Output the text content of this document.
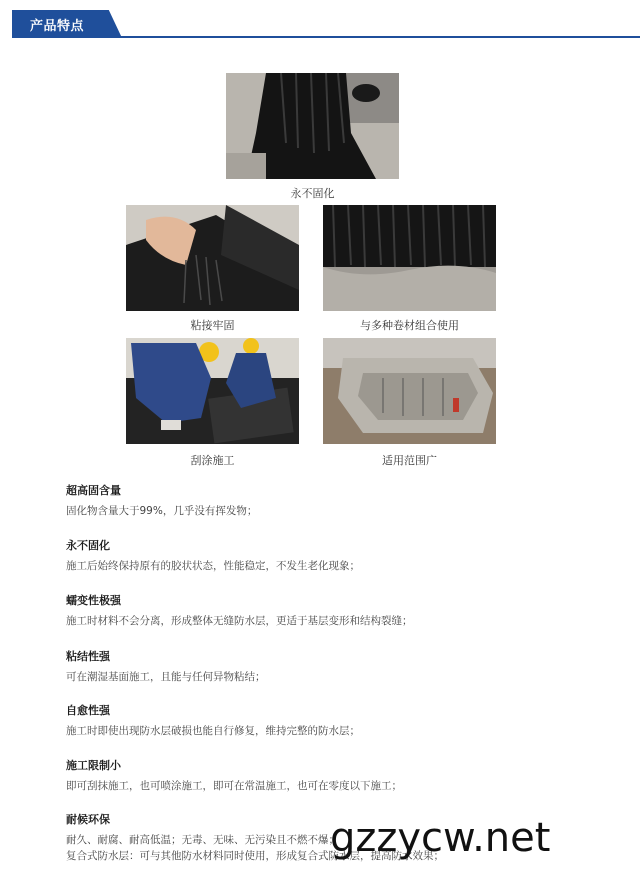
产品特点
永不固化
粘接牢固	与多种卷材组合使用
刮涂施工	适用范围广
超高固含量
固化物含量大于99%，几乎没有挥发物；
永不固化
施工后始终保持原有的胶状状态，性能稳定，不发生老化现象；
蠕变性极强
施工时材料不会分离，形成整体无缝防水层，更适于基层变形和结构裂缝；
粘结性强
可在潮湿基面施工，且能与任何异物粘结；
自愈性强
施工时即使出现防水层破损也能自行修复，维持完整的防水层；
施工限制小
即可刮抹施工，也可喷涂施工，即可在常温施工，也可在零度以下施工；
耐候环保
耐久、耐腐、耐高低温；无毒、无味、无污染且不燃不爆；
复合式防水层：可与其他防水材料同时使用，形成复合式防水层，提高防水效果；
gzzycw.net
